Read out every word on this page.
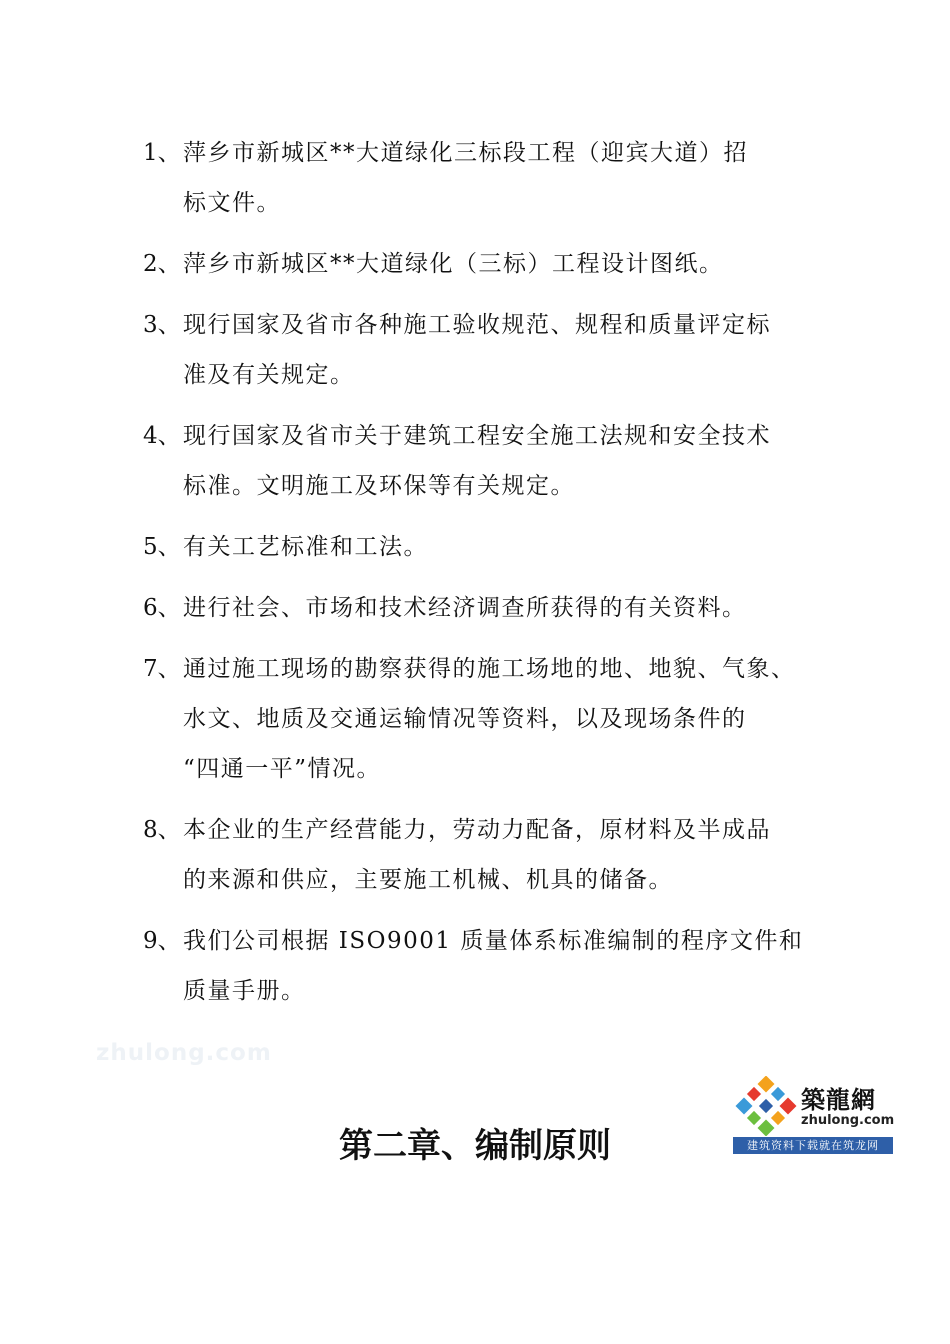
1、 萍乡市新城区**大道绿化三标段工程（迎宾大道）招
标文件。
2、 萍乡市新城区**大道绿化（三标）工程设计图纸。
3、 现行国家及省市各种施工验收规范、规程和质量评定标
准及有关规定。
4、 现行国家及省市关于建筑工程安全施工法规和安全技术
标准。文明施工及环保等有关规定。
5、 有关工艺标准和工法。
6、 进行社会、市场和技术经济调查所获得的有关资料。
7、 通过施工现场的勘察获得的施工场地的地、地貌、气象、
水文、地质及交通运输情况等资料，以及现场条件的
“四通一平”情况。
8、 本企业的生产经营能力，劳动力配备，原材料及半成品
的来源和供应，主要施工机械、机具的储备。
9、 我们公司根据 ISO9001 质量体系标准编制的程序文件和
质量手册。
zhulong.com
第二章、编制原则
築龍網
zhulong.com
建筑资料下载就在筑龙网
